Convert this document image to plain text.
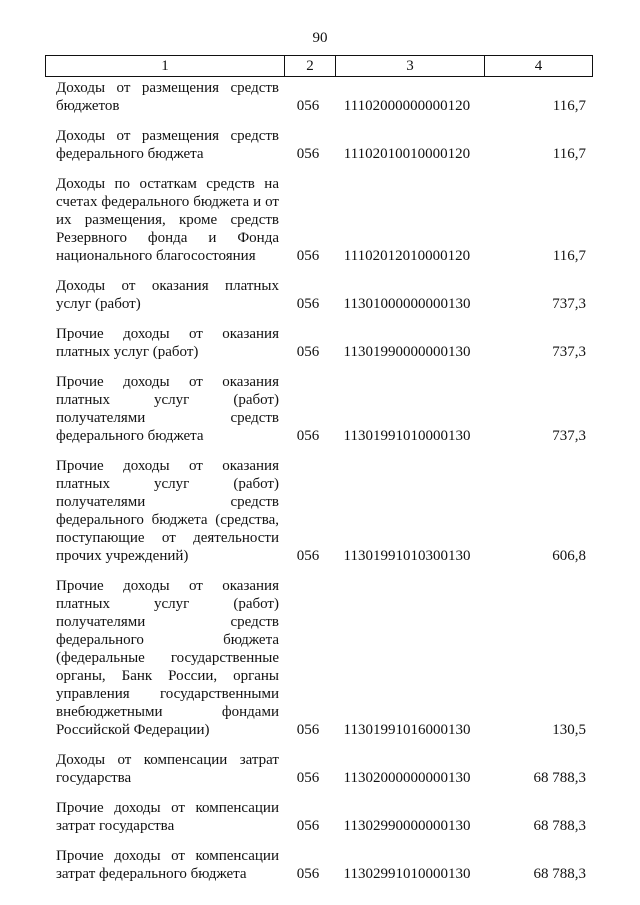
90
1	2	3	4
Доходы от размещения средств бюджетов	056	11102000000000120	116,7
Доходы от размещения средств федерального бюджета	056	11102010010000120	116,7
Доходы по остаткам средств на счетах федерального бюджета и от их размещения, кроме средств Резервного фонда и Фонда национального благосостояния	056	11102012010000120	116,7
Доходы от оказания платных услуг (работ)	056	11301000000000130	737,3
Прочие доходы от оказания платных услуг (работ)	056	11301990000000130	737,3
Прочие доходы от оказания платных услуг (работ) получателями средств федерального бюджета	056	11301991010000130	737,3
Прочие доходы от оказания платных услуг (работ) получателями средств федерального бюджета (средства, поступающие от деятельности прочих учреждений)	056	11301991010300130	606,8
Прочие доходы от оказания платных услуг (работ) получателями средств федерального бюджета (федеральные государственные органы, Банк России, органы управления государственными внебюджетными фондами Российской Федерации)	056	11301991016000130	130,5
Доходы от компенсации затрат государства	056	11302000000000130	68 788,3
Прочие доходы от компенсации затрат государства	056	11302990000000130	68 788,3
Прочие доходы от компенсации затрат федерального бюджета	056	11302991010000130	68 788,3
